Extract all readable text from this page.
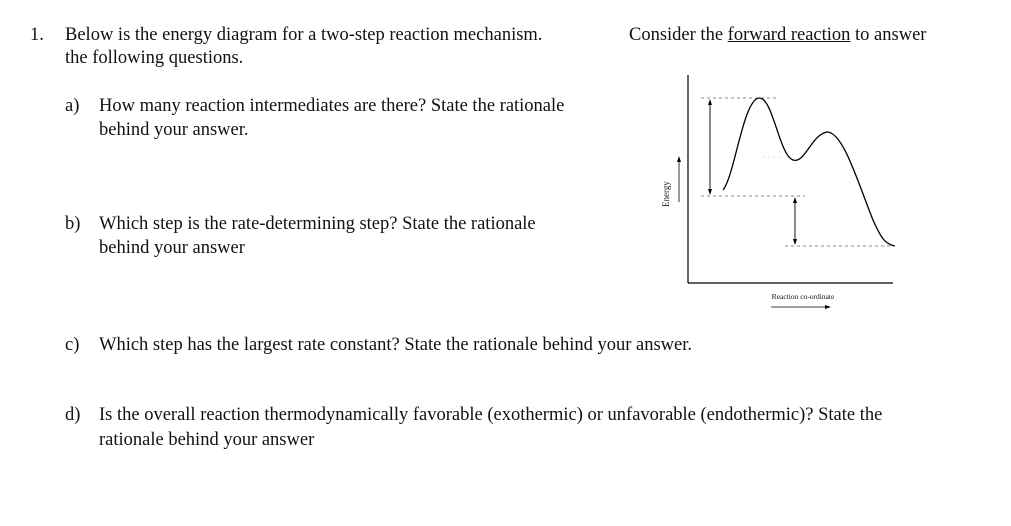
1. Below is the energy diagram for a two-step reaction mechanism.	Consider the forward reaction to answer
the following questions.
a) How many reaction intermediates are there? State the rationale
behind your answer.
b) Which step is the rate-determining step? State the rationale
behind your answer
c) Which step has the largest rate constant? State the rationale behind your answer.
d) Is the overall reaction thermodynamically favorable (exothermic) or unfavorable (endothermic)? State the
rationale behind your answer
Energy
Reaction co-ordinate
